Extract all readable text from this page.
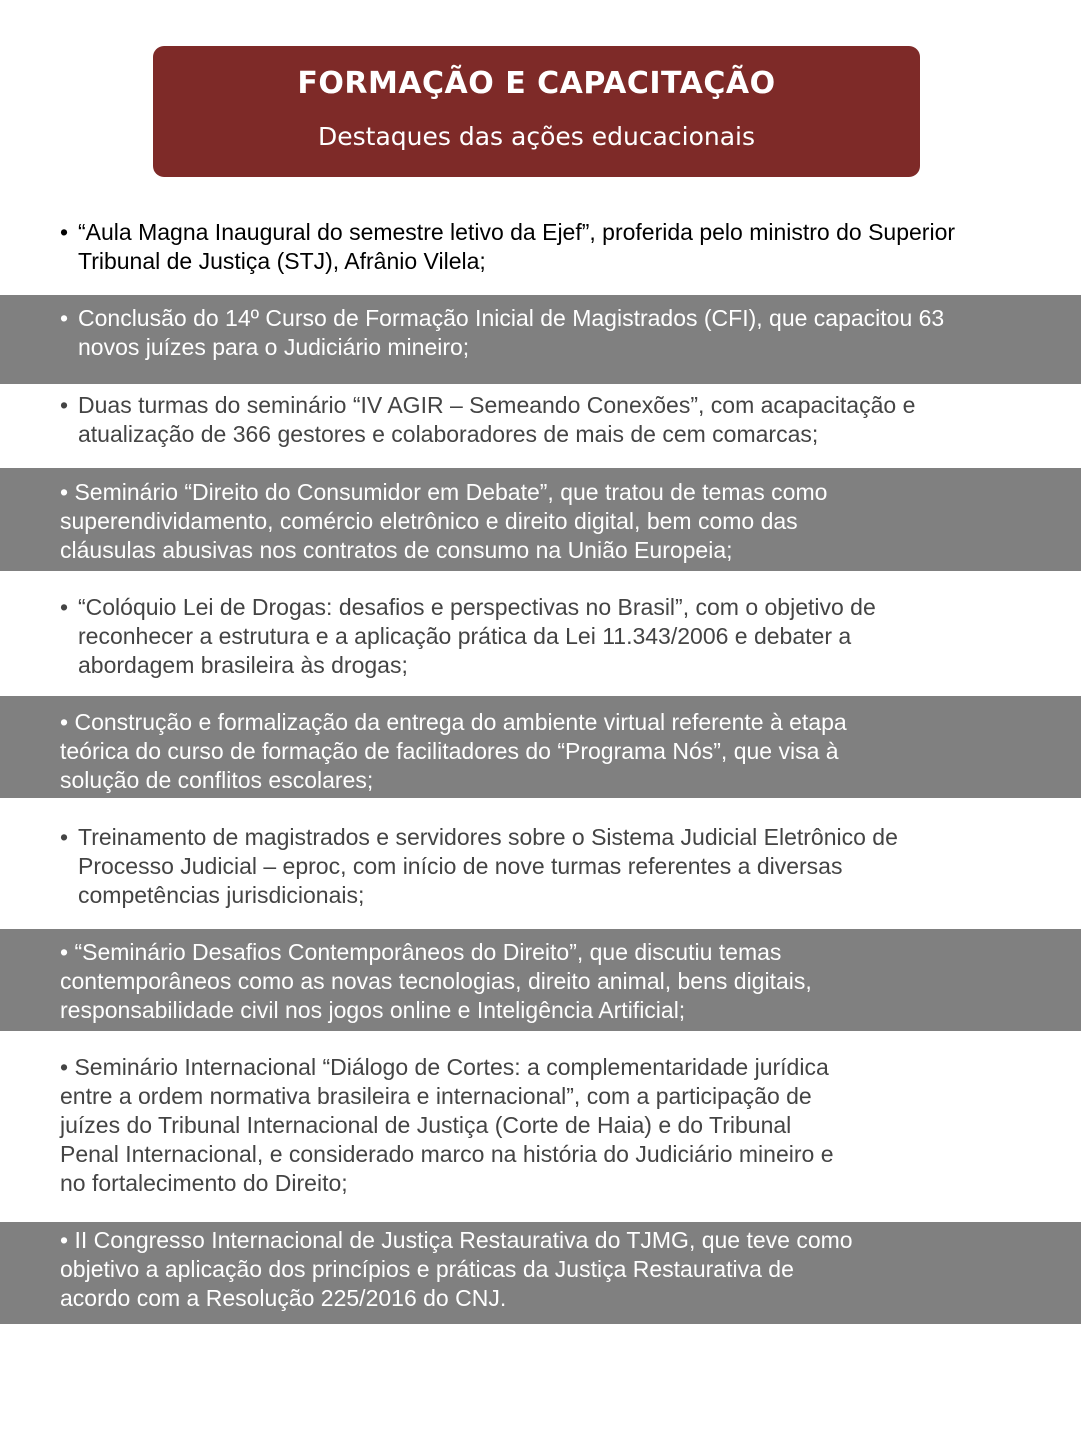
FORMAÇÃO E CAPACITAÇÃO
Destaques das ações educacionais
• “Aula Magna Inaugural do semestre letivo da Ejef”, proferida pelo ministro do Superior
Tribunal de Justiça (STJ), Afrânio Vilela;
• Conclusão do 14º Curso de Formação Inicial de Magistrados (CFI), que capacitou 63
novos juízes para o Judiciário mineiro;
• Duas turmas do seminário “IV AGIR – Semeando Conexões”, com acapacitação e
atualização de 366 gestores e colaboradores de mais de cem comarcas;
• Seminário “Direito do Consumidor em Debate”, que tratou de temas como
superendividamento, comércio eletrônico e direito digital, bem como das
cláusulas abusivas nos contratos de consumo na União Europeia;
• “Colóquio Lei de Drogas: desafios e perspectivas no Brasil”, com o objetivo de
reconhecer a estrutura e a aplicação prática da Lei 11.343/2006 e debater a
abordagem brasileira às drogas;
• Construção e formalização da entrega do ambiente virtual referente à etapa
teórica do curso de formação de facilitadores do “Programa Nós”, que visa à
solução de conflitos escolares;
• Treinamento de magistrados e servidores sobre o Sistema Judicial Eletrônico de
Processo Judicial – eproc, com início de nove turmas referentes a diversas
competências jurisdicionais;
• “Seminário Desafios Contemporâneos do Direito”, que discutiu temas
contemporâneos como as novas tecnologias, direito animal, bens digitais,
responsabilidade civil nos jogos online e Inteligência Artificial;
• Seminário Internacional “Diálogo de Cortes: a complementaridade jurídica
entre a ordem normativa brasileira e internacional”, com a participação de
juízes do Tribunal Internacional de Justiça (Corte de Haia) e do Tribunal
Penal Internacional, e considerado marco na história do Judiciário mineiro e
no fortalecimento do Direito;
• II Congresso Internacional de Justiça Restaurativa do TJMG, que teve como
objetivo a aplicação dos princípios e práticas da Justiça Restaurativa de
acordo com a Resolução 225/2016 do CNJ.
